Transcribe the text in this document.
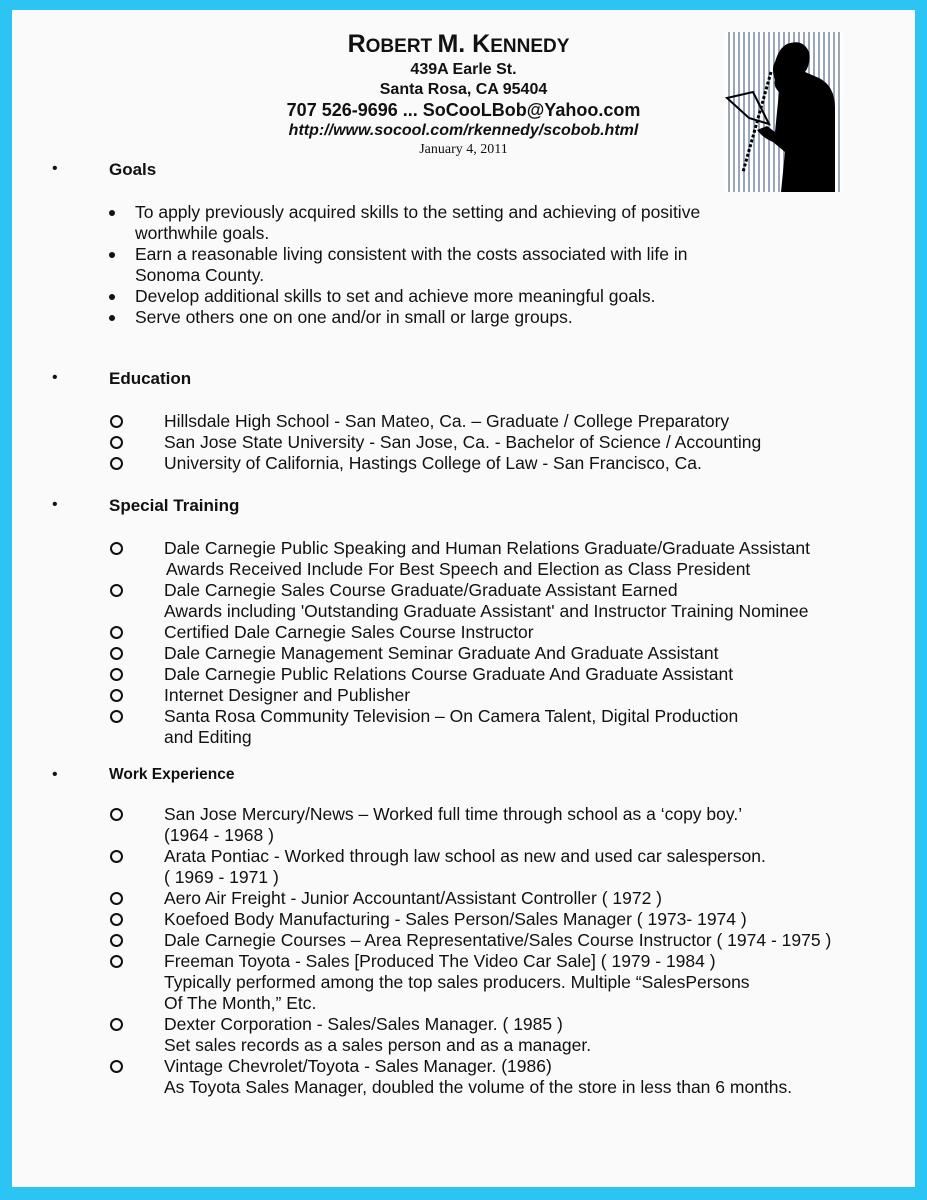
ROBERT M. KENNEDY
439A Earle St.
Santa Rosa, CA 95404
707 526-9696 ... SoCooLBob@Yahoo.com
http://www.socool.com/rkennedy/scobob.html
January 4, 2011
•	Goals
To apply previously acquired skills to the setting and achieving of positive
worthwhile goals.
Earn a reasonable living consistent with the costs associated with life in
Sonoma County.
Develop additional skills to set and achieve more meaningful goals.
Serve others one on one and/or in small or large groups.
•	Education
Hillsdale High School - San Mateo, Ca. – Graduate / College Preparatory
San Jose State University - San Jose, Ca. - Bachelor of Science / Accounting
University of California, Hastings College of Law - San Francisco, Ca.
•	Special Training
Dale Carnegie Public Speaking and Human Relations Graduate/Graduate Assistant
Awards Received Include For Best Speech and Election as Class President
Dale Carnegie Sales Course Graduate/Graduate Assistant Earned
Awards including 'Outstanding Graduate Assistant' and Instructor Training Nominee
Certified Dale Carnegie Sales Course Instructor
Dale Carnegie Management Seminar Graduate And Graduate Assistant
Dale Carnegie Public Relations Course Graduate And Graduate Assistant
Internet Designer and Publisher
Santa Rosa Community Television – On Camera Talent, Digital Production
and Editing
•	Work Experience
San Jose Mercury/News – Worked full time through school as a ‘copy boy.’
(1964 - 1968 )
Arata Pontiac - Worked through law school as new and used car salesperson.
( 1969 - 1971 )
Aero Air Freight - Junior Accountant/Assistant Controller ( 1972 )
Koefoed Body Manufacturing - Sales Person/Sales Manager ( 1973- 1974 )
Dale Carnegie Courses – Area Representative/Sales Course Instructor ( 1974 - 1975 )
Freeman Toyota - Sales [Produced The Video Car Sale] ( 1979 - 1984 )
Typically performed among the top sales producers. Multiple “SalesPersons
Of The Month,” Etc.
Dexter Corporation - Sales/Sales Manager. ( 1985 )
Set sales records as a sales person and as a manager.
Vintage Chevrolet/Toyota - Sales Manager. (1986)
As Toyota Sales Manager, doubled the volume of the store in less than 6 months.
